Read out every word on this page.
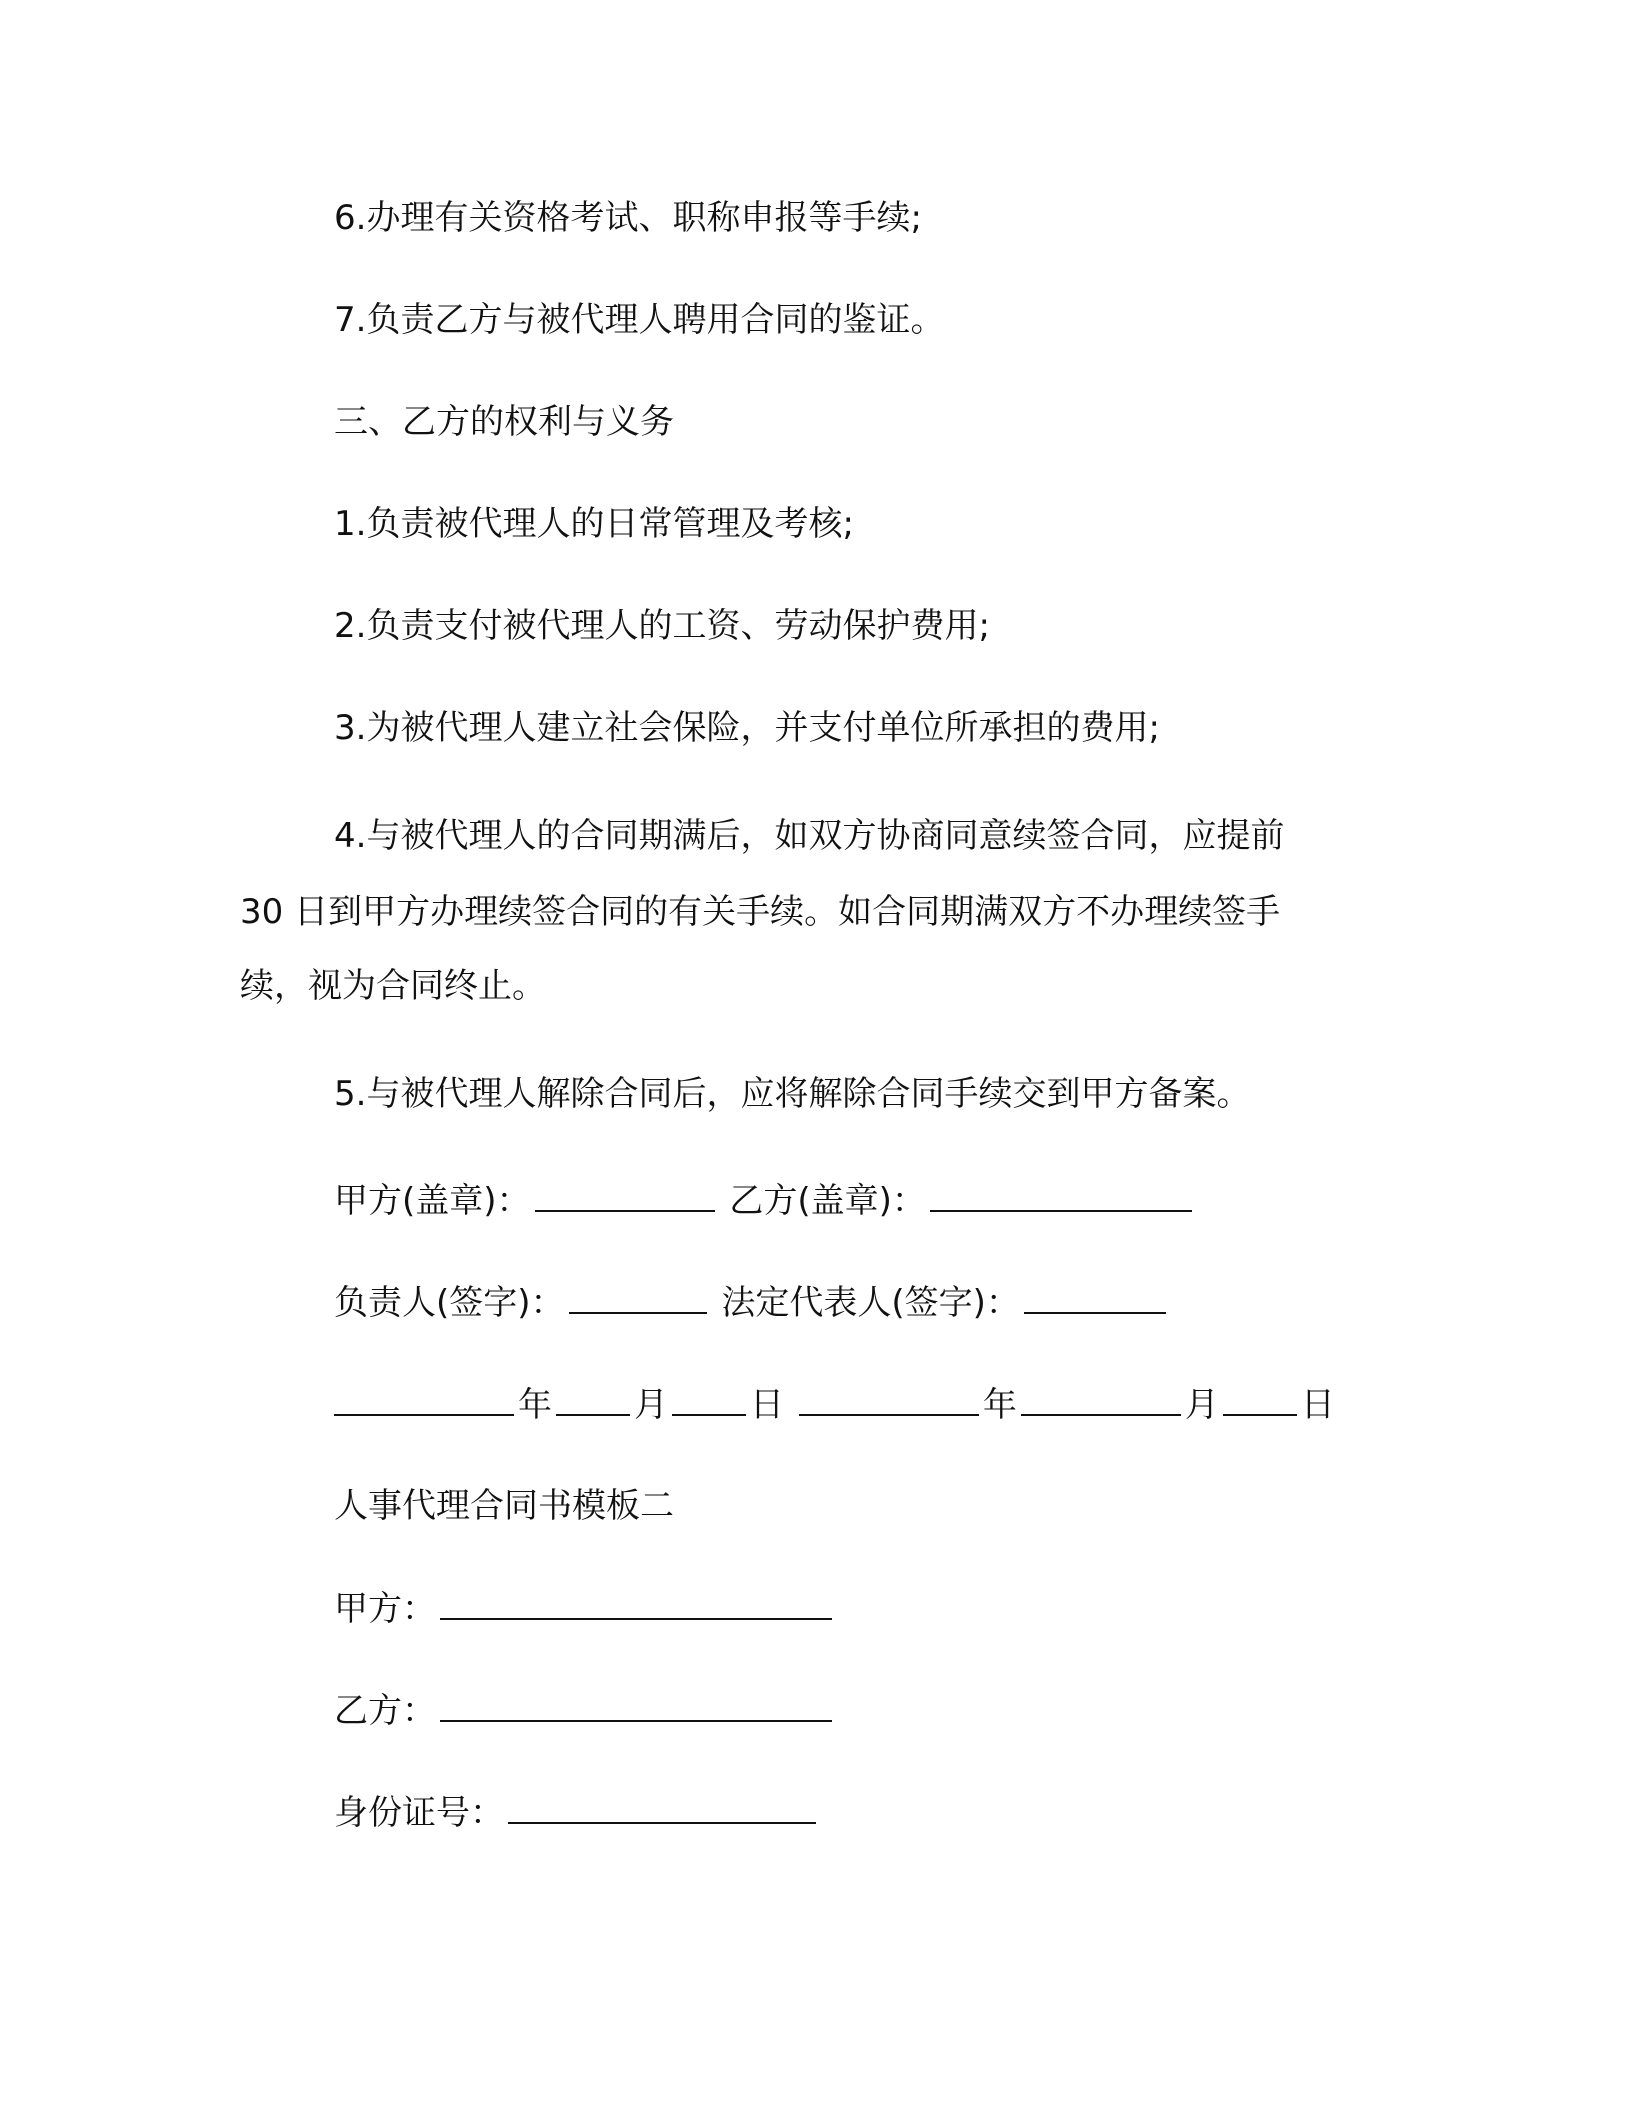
6.办理有关资格考试、职称申报等手续;

7.负责乙方与被代理人聘用合同的鉴证。

三、乙方的权利与义务

1.负责被代理人的日常管理及考核;

2.负责支付被代理人的工资、劳动保护费用;

3.为被代理人建立社会保险，并支付单位所承担的费用;

4.与被代理人的合同期满后，如双方协商同意续签合同，应提前

30 日到甲方办理续签合同的有关手续。如合同期满双方不办理续签手

续，视为合同终止。

5.与被代理人解除合同后，应将解除合同手续交到甲方备案。

甲方(盖章)：	乙方(盖章)：
负责人(签字)：	法定代表人(签字)：
年 月 日	年	月 日

人事代理合同书模板二

甲方：
乙方：
身份证号：
